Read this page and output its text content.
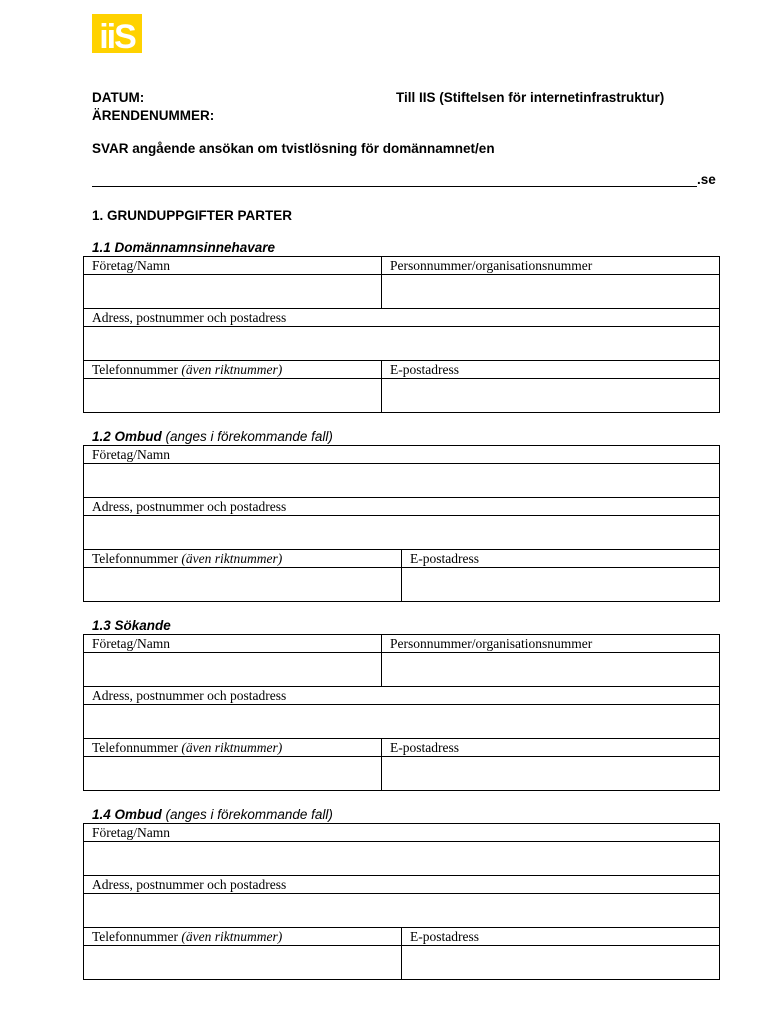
iiS
DATUM:
ÄRENDENUMMER:
Till IIS (Stiftelsen för internetinfrastruktur)
SVAR angående ansökan om tvistlösning för domännamnet/en
.se
1. GRUNDUPPGIFTER PARTER
1.1 Domännamnsinnehavare
Företag/Namn	Personnummer/organisationsnummer

Adress, postnummer och postadress	

Telefonnummer (även riktnummer)	E-postadress

1.2 Ombud (anges i förekommande fall)
Företag/Namn	

Adress, postnummer och postadress	

Telefonnummer (även riktnummer)	E-postadress

1.3 Sökande
Företag/Namn	Personnummer/organisationsnummer

Adress, postnummer och postadress	

Telefonnummer (även riktnummer)	E-postadress

1.4 Ombud (anges i förekommande fall)
Företag/Namn	

Adress, postnummer och postadress	

Telefonnummer (även riktnummer)	E-postadress
